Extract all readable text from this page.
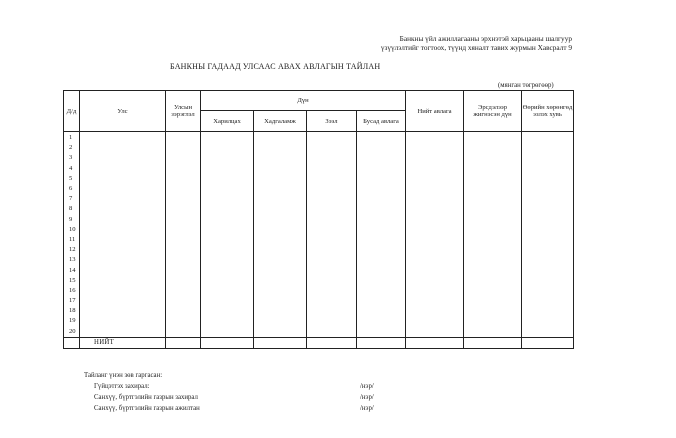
Банкны үйл ажиллагааны эрхнэтэй харьцааны шалгуур
үзүүлэлтийг тогтоох, түүнд хяналт тавих журмын Хавсралт 9
БАНКНЫ ГАДААД УЛСААС АВАХ АВЛАГЫН ТАЙЛАН
(мянган төгрөгөөр)
Д/д	Улс	Улсын зэрэглэл	Дүн				Нийт авлага	Эрсдэлээр жигнэсэн дүн	Өөрийн хөрөнгөд эзлэх хувь
			Харилцах	Хадгаламж	Зээл	Бусад авлага			
1									
2									
3									
4									
5									
6									
7									
8									
9									
10									
11									
12									
13									
14									
15									
16									
17									
18									
19									
20									
	НИЙТ								
Тайланг үнэн зөв гаргасан:
Гүйцэтгэх захирал:	/нэр/
Санхүү, бүртгэлийн газрын захирал	/нэр/
Санхүү, бүртгэлийн газрын ажилтан	/нэр/
